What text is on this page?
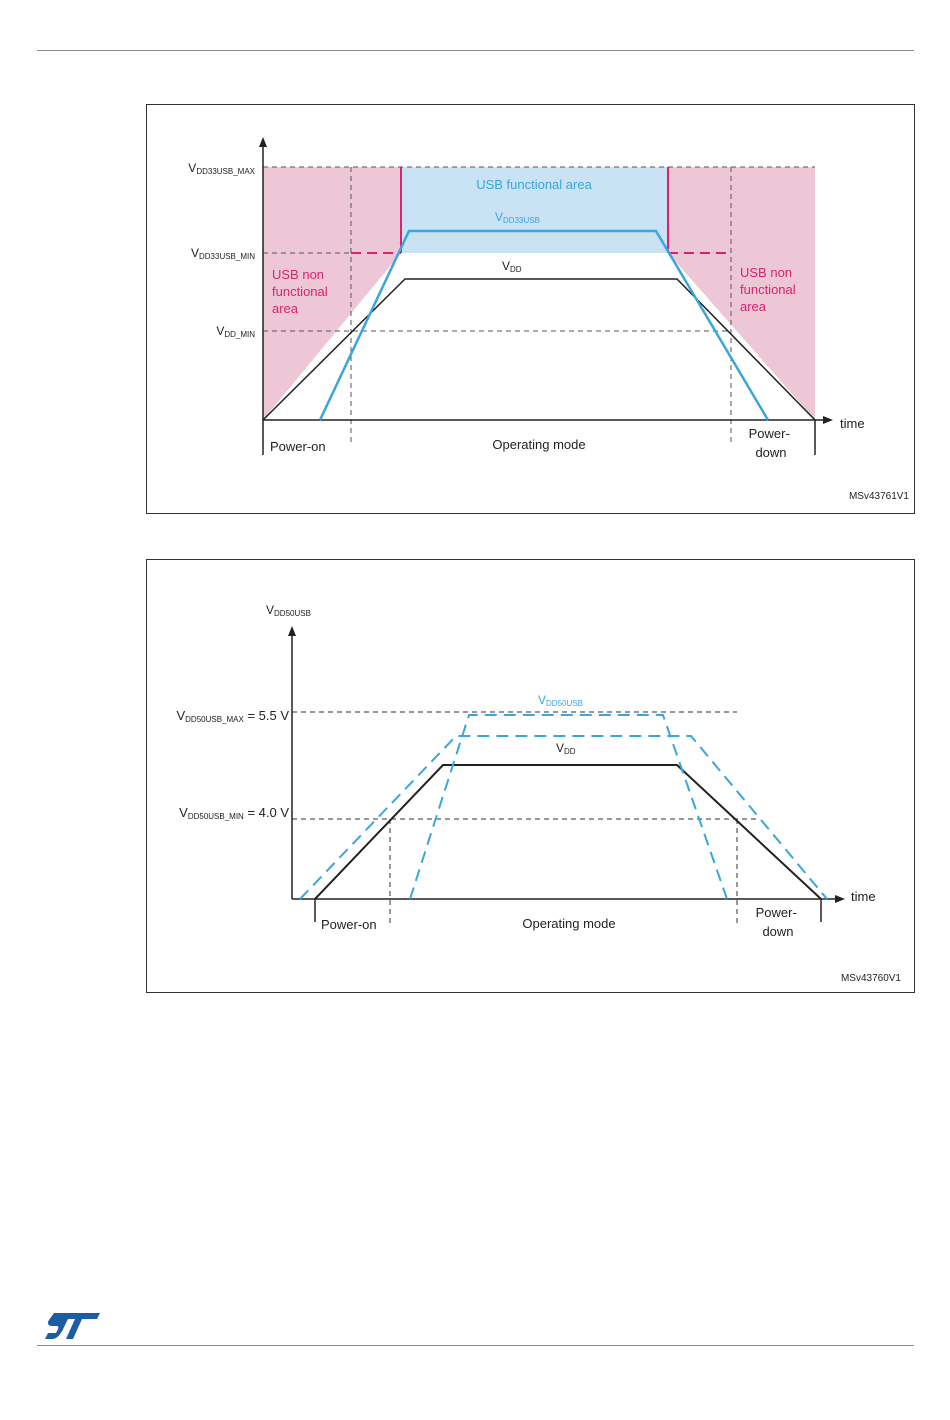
VDD33USB_MAX
VDD33USB_MIN
VDD_MIN
USB functional area
VDD33USB
VDD
USB non functional area
USB non functional area
time
Power-on	Operating mode
Power- down
MSv43761V1
VDD50USB
VDD50USB_MAX = 5.5 V
VDD50USB_MIN = 4.0 V
VDD50USB
VDD
time
Power-on	Operating mode
Power- down
MSv43760V1
